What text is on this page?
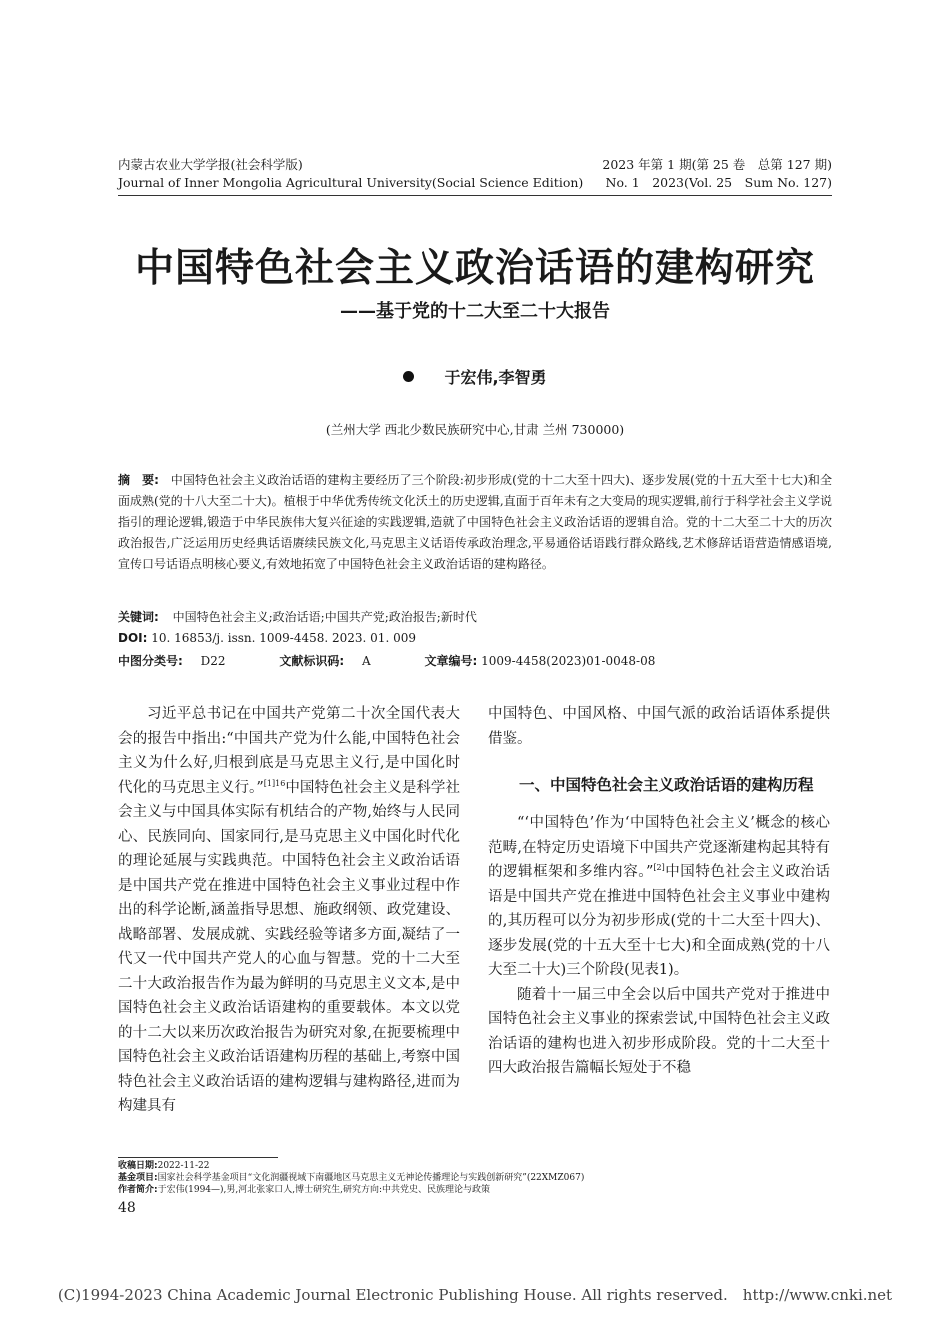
内蒙古农业大学学报(社会科学版)
Journal of Inner Mongolia Agricultural University(Social Science Edition)
2023 年第 1 期(第 25 卷　总第 127 期)
No. 1　2023(Vol. 25　Sum No. 127)
中国特色社会主义政治话语的建构研究
——基于党的十二大至二十大报告
于宏伟,李智勇
(兰州大学 西北少数民族研究中心,甘肃 兰州 730000)
摘　要: 中国特色社会主义政治话语的建构主要经历了三个阶段:初步形成(党的十二大至十四大)、逐步发展(党的十五大至十七大)和全面成熟(党的十八大至二十大)。植根于中华优秀传统文化沃土的历史逻辑,直面于百年未有之大变局的现实逻辑,前行于科学社会主义学说指引的理论逻辑,锻造于中华民族伟大复兴征途的实践逻辑,造就了中国特色社会主义政治话语的逻辑自洽。党的十二大至二十大的历次政治报告,广泛运用历史经典话语赓续民族文化,马克思主义话语传承政治理念,平易通俗话语践行群众路线,艺术修辞话语营造情感语境,宣传口号话语点明核心要义,有效地拓宽了中国特色社会主义政治话语的建构路径。
关键词: 中国特色社会主义;政治话语;中国共产党;政治报告;新时代
DOI: 10. 16853/j. issn. 1009-4458. 2023. 01. 009
中图分类号: D22	文献标识码: A	文章编号: 1009-4458(2023)01-0048-08

习近平总书记在中国共产党第二十次全国代表大会的报告中指出:“中国共产党为什么能,中国特色社会主义为什么好,归根到底是马克思主义行,是中国化时代化的马克思主义行。”$^{[1]16}$中国特色社会主义是科学社会主义与中国具体实际有机结合的产物,始终与人民同心、民族同向、国家同行,是马克思主义中国化时代化的理论延展与实践典范。中国特色社会主义政治话语是中国共产党在推进中国特色社会主义事业过程中作出的科学论断,涵盖指导思想、施政纲领、政党建设、战略部署、发展成就、实践经验等诸多方面,凝结了一代又一代中国共产党人的心血与智慧。党的十二大至二十大政治报告作为最为鲜明的马克思主义文本,是中国特色社会主义政治话语建构的重要载体。本文以党的十二大以来历次政治报告为研究对象,在扼要梳理中国特色社会主义政治话语建构历程的基础上,考察中国特色社会主义政治话语的建构逻辑与建构路径,进而为构建具有

中国特色、中国风格、中国气派的政治话语体系提供借鉴。

一、中国特色社会主义政治话语的建构历程

“‘中国特色’作为‘中国特色社会主义’概念的核心范畴,在特定历史语境下中国共产党逐渐建构起其特有的逻辑框架和多维内容。”[2]中国特色社会主义政治话语是中国共产党在推进中国特色社会主义事业中建构的,其历程可以分为初步形成(党的十二大至十四大)、逐步发展(党的十五大至十七大)和全面成熟(党的十八大至二十大)三个阶段(见表1)。

随着十一届三中全会以后中国共产党对于推进中国特色社会主义事业的探索尝试,中国特色社会主义政治话语的建构也进入初步形成阶段。党的十二大至十四大政治报告篇幅长短处于不稳

收稿日期:2022-11-22
基金项目:国家社会科学基金项目“文化润疆视域下南疆地区马克思主义无神论传播理论与实践创新研究”(22XMZ067)
作者简介:于宏伟(1994—),男,河北张家口人,博士研究生,研究方向:中共党史、民族理论与政策
48
(C)1994-2023 China Academic Journal Electronic Publishing House. All rights reserved.　http://www.cnki.net
